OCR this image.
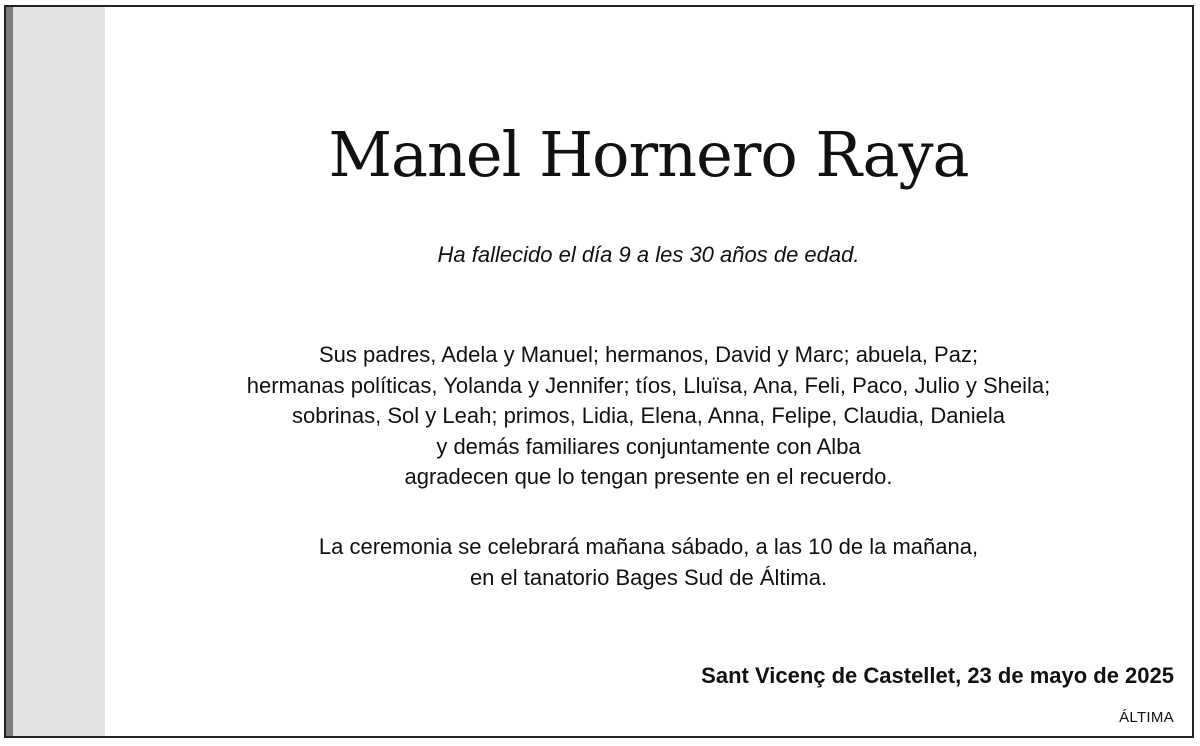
Manel Hornero Raya
Ha fallecido el día 9 a les 30 años de edad.
Sus padres, Adela y Manuel; hermanos, David y Marc; abuela, Paz;
hermanas políticas, Yolanda y Jennifer; tíos, Lluïsa, Ana, Feli, Paco, Julio y Sheila;
sobrinas, Sol y Leah; primos, Lidia, Elena, Anna, Felipe, Claudia, Daniela
y demás familiares conjuntamente con Alba
agradecen que lo tengan presente en el recuerdo.
La ceremonia se celebrará mañana sábado, a las 10 de la mañana,
en el tanatorio Bages Sud de Áltima.
Sant Vicenç de Castellet, 23 de mayo de 2025
ÁLTIMA
